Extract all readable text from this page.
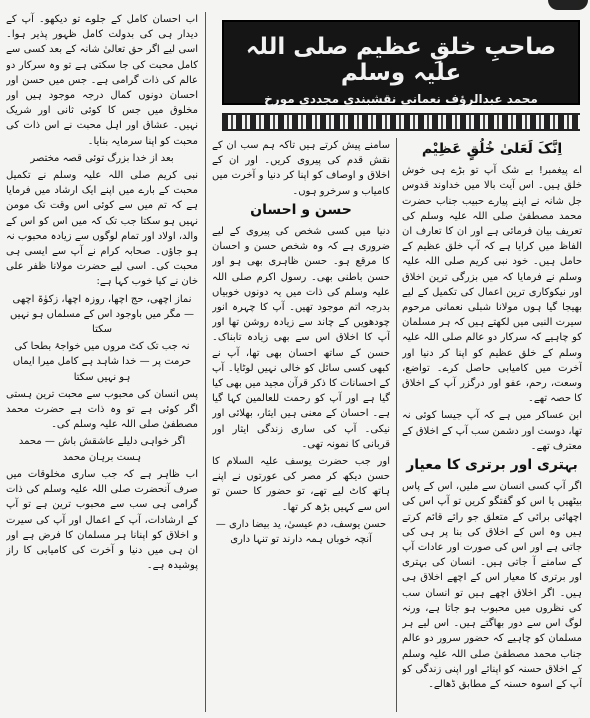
اب احسان کامل کے جلوے تو دیکھو۔ آپ کے دیدار ہی کی بدولت کامل ظہور پذیر ہوا۔ اسی لیے اگر حق تعالیٰ شانہ کے بعد کسی سے کامل محبت کی جا سکتی ہے تو وہ سرکار دو عالم کی ذات گرامی ہے۔ جس میں حسن اور احسان دونوں کمال درجہ موجود ہیں اور مخلوق میں جس کا کوئی ثانی اور شریک نہیں۔ عشاق اور اہل محبت نے اس ذات کی محبت کو اپنا سرمایہ بنایا۔

بعد از خدا بزرگ توئی قصہ مختصر

نبی کریم صلی اللہ علیہ وسلم نے تکمیل محبت کے بارے میں اپنے ایک ارشاد میں فرمایا ہے کہ تم میں سے کوئی اس وقت تک مومن نہیں ہو سکتا جب تک کہ میں اس کو اس کے والد، اولاد اور تمام لوگوں سے زیادہ محبوب نہ ہو جاؤں۔ صحابہ کرام نے آپ سے ایسی ہی محبت کی۔ اسی لیے حضرت مولانا ظفر علی خان نے کیا خوب کہا ہے:

نماز اچھی، حج اچھا، روزہ اچھا، زکوٰۃ اچھی — مگر میں باوجود اس کے مسلماں ہو نہیں سکتا

نہ جب تک کٹ مروں میں خواجۂ بطحا کی حرمت پر — خدا شاہد ہے کامل میرا ایماں ہو نہیں سکتا

پس انسان کی محبوب سے محبت ترین ہستی اگر کوئی ہے تو وہ ذات ہے حضرت محمد مصطفیٰ صلی اللہ علیہ وسلم کی۔

اگر خواہی دلیلے عاشقش باش — محمد ہست برہان محمد

اب ظاہر ہے کہ جب ساری مخلوقات میں صرف آنحضرت صلی اللہ علیہ وسلم کی ذات گرامی ہی سب سے محبوب ترین ہے تو آپ کے ارشادات، آپ کے اعمال اور آپ کی سیرت و اخلاق کو اپنانا ہر مسلمان کا فرض ہے اور ان ہی میں دنیا و آخرت کی کامیابی کا راز پوشیدہ ہے۔

صاحبِ خلقِ عظیم صلی اللہ علیہ وسلم
محمد عبدالرؤف نعمانی نقشبندی مجددی مورخ

سامنے پیش کرتے ہیں تاکہ ہم سب ان کے نقش قدم کی پیروی کریں۔ اور ان کے اخلاق و اوصاف کو اپنا کر دنیا و آخرت میں کامیاب و سرخرو ہوں۔

حسن و احسان

دنیا میں کسی شخص کی پیروی کے لیے ضروری ہے کہ وہ شخص حسن و احسان کا مرقع ہو۔ حسن ظاہری بھی ہو اور حسن باطنی بھی۔ رسول اکرم صلی اللہ علیہ وسلم کی ذات میں یہ دونوں خوبیاں بدرجہ اتم موجود تھیں۔ آپ کا چہرہ انور چودھویں کے چاند سے زیادہ روشن تھا اور آپ کا اخلاق اس سے بھی زیادہ تابناک۔ حسن کے ساتھ احسان بھی تھا، آپ نے کبھی کسی سائل کو خالی نہیں لوٹایا۔ آپ کے احسانات کا ذکر قرآن مجید میں بھی کیا گیا ہے اور آپ کو رحمت للعالمین کہا گیا ہے۔ احسان کے معنی ہیں ایثار، بھلائی اور نیکی۔ آپ کی ساری زندگی ایثار اور قربانی کا نمونہ تھی۔

اور جب حضرت یوسف علیہ السلام کا حسن دیکھ کر مصر کی عورتوں نے اپنے ہاتھ کاٹ لیے تھے، تو حضور کا حسن تو اس سے کہیں بڑھ کر تھا۔

حسن یوسف، دم عیسیٰ، ید بیضا داری — آنچہ خوباں ہمہ دارند تو تنہا داری

اِنَّکَ لَعَلیٰ خُلُقٍ عَظِیْم

اے پیغمبر! بے شک آپ تو بڑے ہی خوش خلق ہیں۔ اس آیت بالا میں خداوند قدوس جل شانہ نے اپنے پیارے حبیب جناب حضرت محمد مصطفیٰ صلی اللہ علیہ وسلم کی تعریف بیان فرمائی ہے اور ان کا تعارف ان الفاظ میں کرایا ہے کہ آپ خلق عظیم کے حامل ہیں۔ خود نبی کریم صلی اللہ علیہ وسلم نے فرمایا کہ میں بزرگی ترین اخلاق اور نیکوکاری ترین اعمال کی تکمیل کے لیے بھیجا گیا ہوں مولانا شبلی نعمانی مرحوم سیرت النبی میں لکھتے ہیں کہ ہر مسلمان کو چاہیے کہ سرکار دو عالم صلی اللہ علیہ وسلم کے خلق عظیم کو اپنا کر دنیا اور آخرت میں کامیابی حاصل کرے۔ تواضع، وسعت، رحم، عفو اور درگزر آپ کے اخلاق کا حصہ تھے۔

ابن عساکر میں ہے کہ آپ جیسا کوئی نہ تھا، دوست اور دشمن سب آپ کے اخلاق کے معترف تھے۔

بہتری اور برتری کا معیار

اگر آپ کسی انسان سے ملیں، اس کے پاس بیٹھیں یا اس کو گفتگو کریں تو آپ اس کی اچھائی برائی کے متعلق جو رائے قائم کرتے ہیں وہ اس کے اخلاق کی بنا پر ہی کی جاتی ہے اور اس کی صورت اور عادات آپ کے سامنے آ جاتی ہیں۔ انسان کی بہتری اور برتری کا معیار اس کے اچھے اخلاق ہی ہیں۔ اگر اخلاق اچھے ہیں تو انسان سب کی نظروں میں محبوب ہو جاتا ہے، ورنہ لوگ اس سے دور بھاگتے ہیں۔ اس لیے ہر مسلمان کو چاہیے کہ حضور سرور دو عالم جناب محمد مصطفیٰ صلی اللہ علیہ وسلم کے اخلاق حسنہ کو اپنائے اور اپنی زندگی کو آپ کے اسوہ حسنہ کے مطابق ڈھالے۔
